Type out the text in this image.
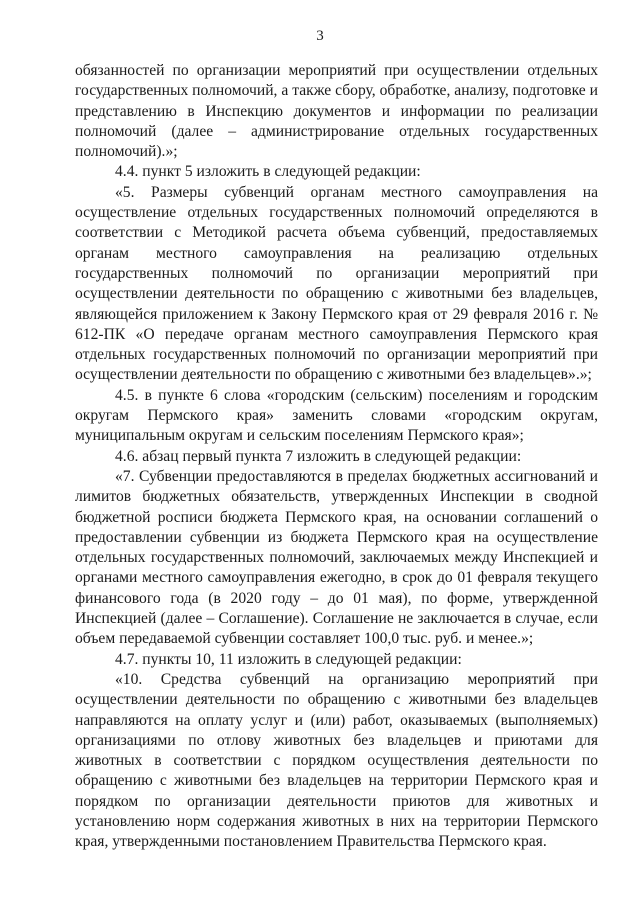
3

обязанностей по организации мероприятий при осуществлении отдельных государственных полномочий, а также сбору, обработке, анализу, подготовке и представлению в Инспекцию документов и информации по реализации полномочий (далее – администрирование отдельных государственных полномочий).»;

4.4. пункт 5 изложить в следующей редакции:

«5. Размеры субвенций органам местного самоуправления на осуществление отдельных государственных полномочий определяются в соответствии с Методикой расчета объема субвенций, предоставляемых органам местного самоуправления на реализацию отдельных государственных полномочий по организации мероприятий при осуществлении деятельности по обращению с животными без владельцев, являющейся приложением к Закону Пермского края от 29 февраля 2016 г. № 612-ПК «О передаче органам местного самоуправления Пермского края отдельных государственных полномочий по организации мероприятий при осуществлении деятельности по обращению с животными без владельцев».»;

4.5. в пункте 6 слова «городским (сельским) поселениям и городским округам Пермского края» заменить словами «городским округам, муниципальным округам и сельским поселениям Пермского края»;

4.6. абзац первый пункта 7 изложить в следующей редакции:

«7. Субвенции предоставляются в пределах бюджетных ассигнований и лимитов бюджетных обязательств, утвержденных Инспекции в сводной бюджетной росписи бюджета Пермского края, на основании соглашений о предоставлении субвенции из бюджета Пермского края на осуществление отдельных государственных полномочий, заключаемых между Инспекцией и органами местного самоуправления ежегодно, в срок до 01 февраля текущего финансового года (в 2020 году – до 01 мая), по форме, утвержденной Инспекцией (далее – Соглашение). Соглашение не заключается в случае, если объем передаваемой субвенции составляет 100,0 тыс. руб. и менее.»;

4.7. пункты 10, 11 изложить в следующей редакции:

«10. Средства субвенций на организацию мероприятий при осуществлении деятельности по обращению с животными без владельцев направляются на оплату услуг и (или) работ, оказываемых (выполняемых) организациями по отлову животных без владельцев и приютами для животных в соответствии с порядком осуществления деятельности по обращению с животными без владельцев на территории Пермского края и порядком по организации деятельности приютов для животных и установлению норм содержания животных в них на территории Пермского края, утвержденными постановлением Правительства Пермского края.
